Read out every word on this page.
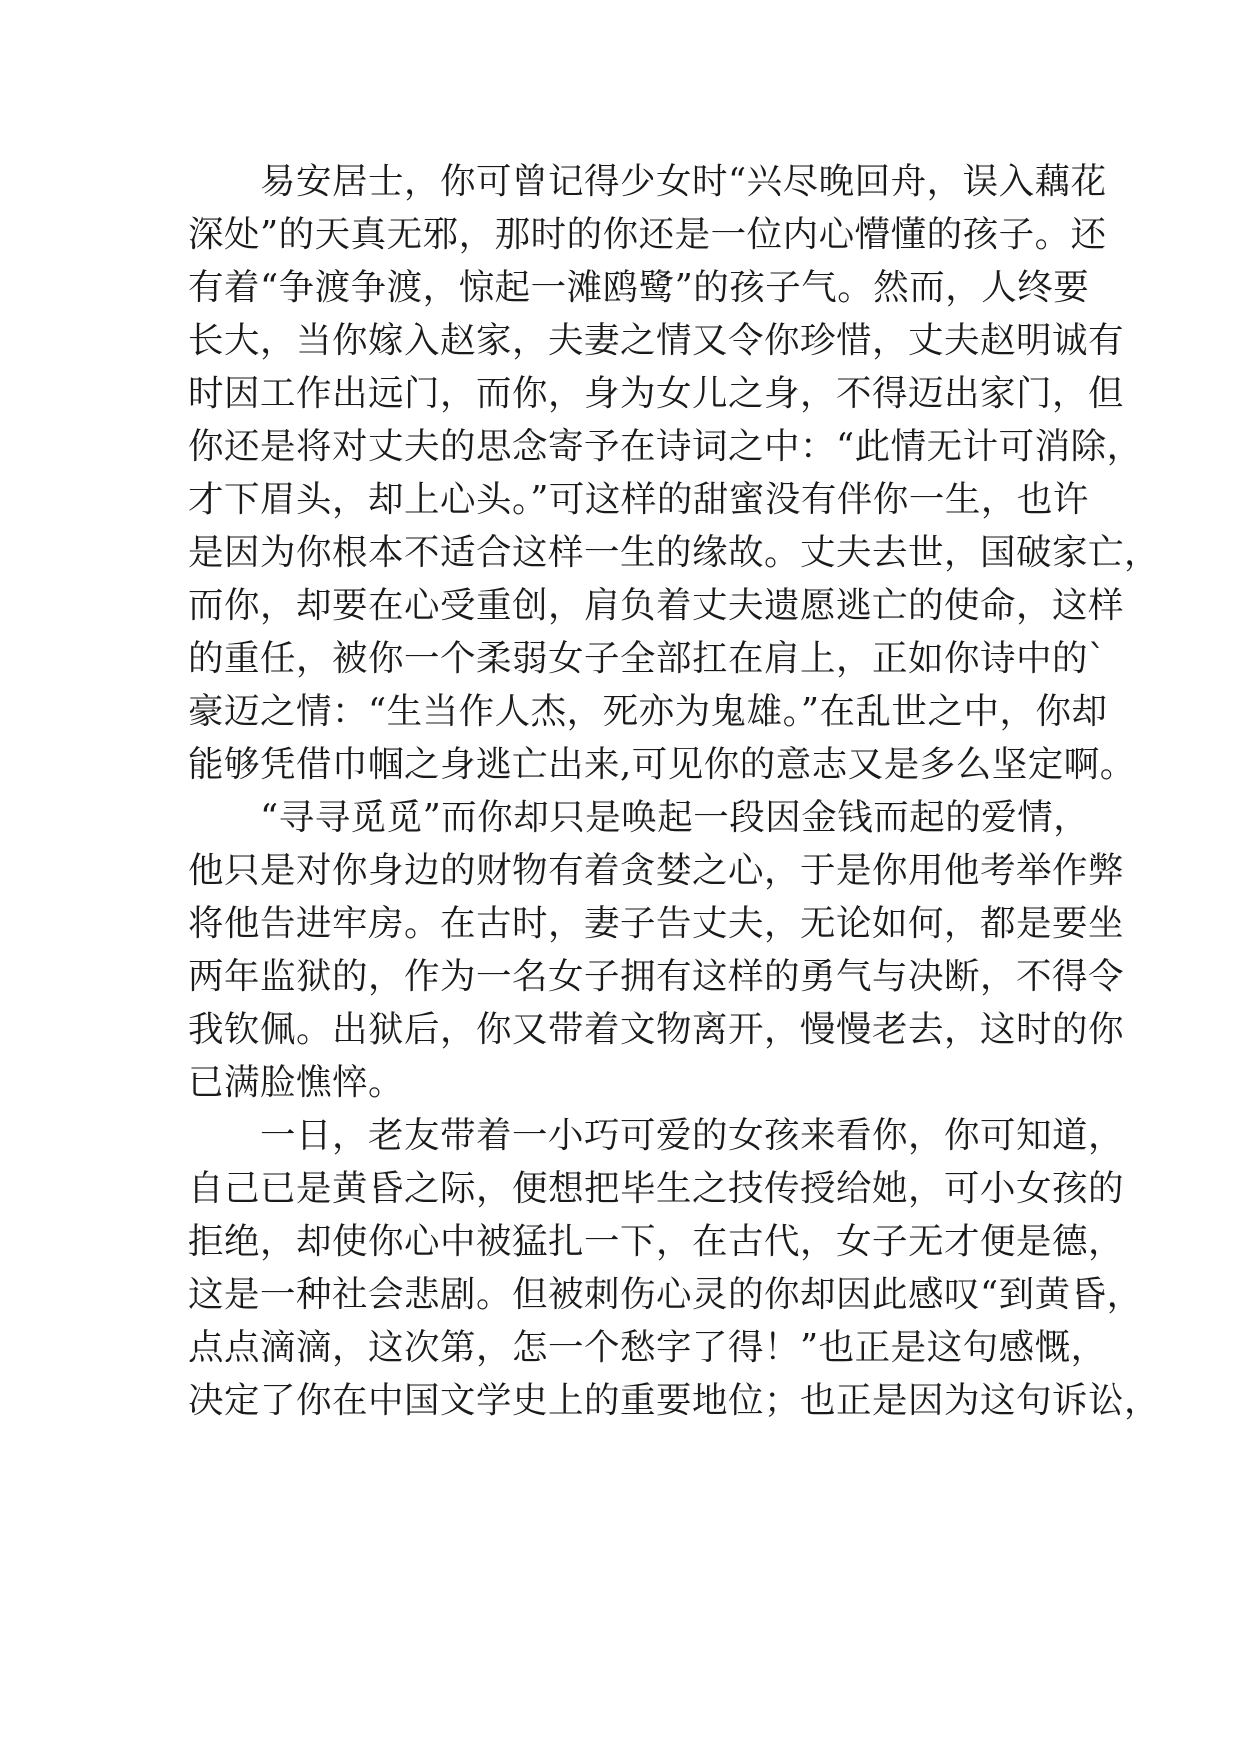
　　易安居士，你可曾记得少女时“兴尽晚回舟，误入藕花
深处”的天真无邪，那时的你还是一位内心懵懂的孩子。还
有着“争渡争渡，惊起一滩鸥鹭”的孩子气。然而，人终要
长大，当你嫁入赵家，夫妻之情又令你珍惜，丈夫赵明诚有
时因工作出远门，而你，身为女儿之身，不得迈出家门，但
你还是将对丈夫的思念寄予在诗词之中：“此情无计可消除，
才下眉头，却上心头。”可这样的甜蜜没有伴你一生，也许
是因为你根本不适合这样一生的缘故。丈夫去世，国破家亡，
而你，却要在心受重创，肩负着丈夫遗愿逃亡的使命，这样
的重任，被你一个柔弱女子全部扛在肩上，正如你诗中的`
豪迈之情：“生当作人杰，死亦为鬼雄。”在乱世之中，你却
能够凭借巾帼之身逃亡出来,可见你的意志又是多么坚定啊。
　　“寻寻觅觅”而你却只是唤起一段因金钱而起的爱情，
他只是对你身边的财物有着贪婪之心，于是你用他考举作弊
将他告进牢房。在古时，妻子告丈夫，无论如何，都是要坐
两年监狱的，作为一名女子拥有这样的勇气与决断，不得令
我钦佩。出狱后，你又带着文物离开，慢慢老去，这时的你
已满脸憔悴。
　　一日，老友带着一小巧可爱的女孩来看你，你可知道，
自己已是黄昏之际，便想把毕生之技传授给她，可小女孩的
拒绝，却使你心中被猛扎一下，在古代，女子无才便是德，
这是一种社会悲剧。但被刺伤心灵的你却因此感叹“到黄昏，
点点滴滴，这次第，怎一个愁字了得！”也正是这句感慨，
决定了你在中国文学史上的重要地位；也正是因为这句诉讼，
